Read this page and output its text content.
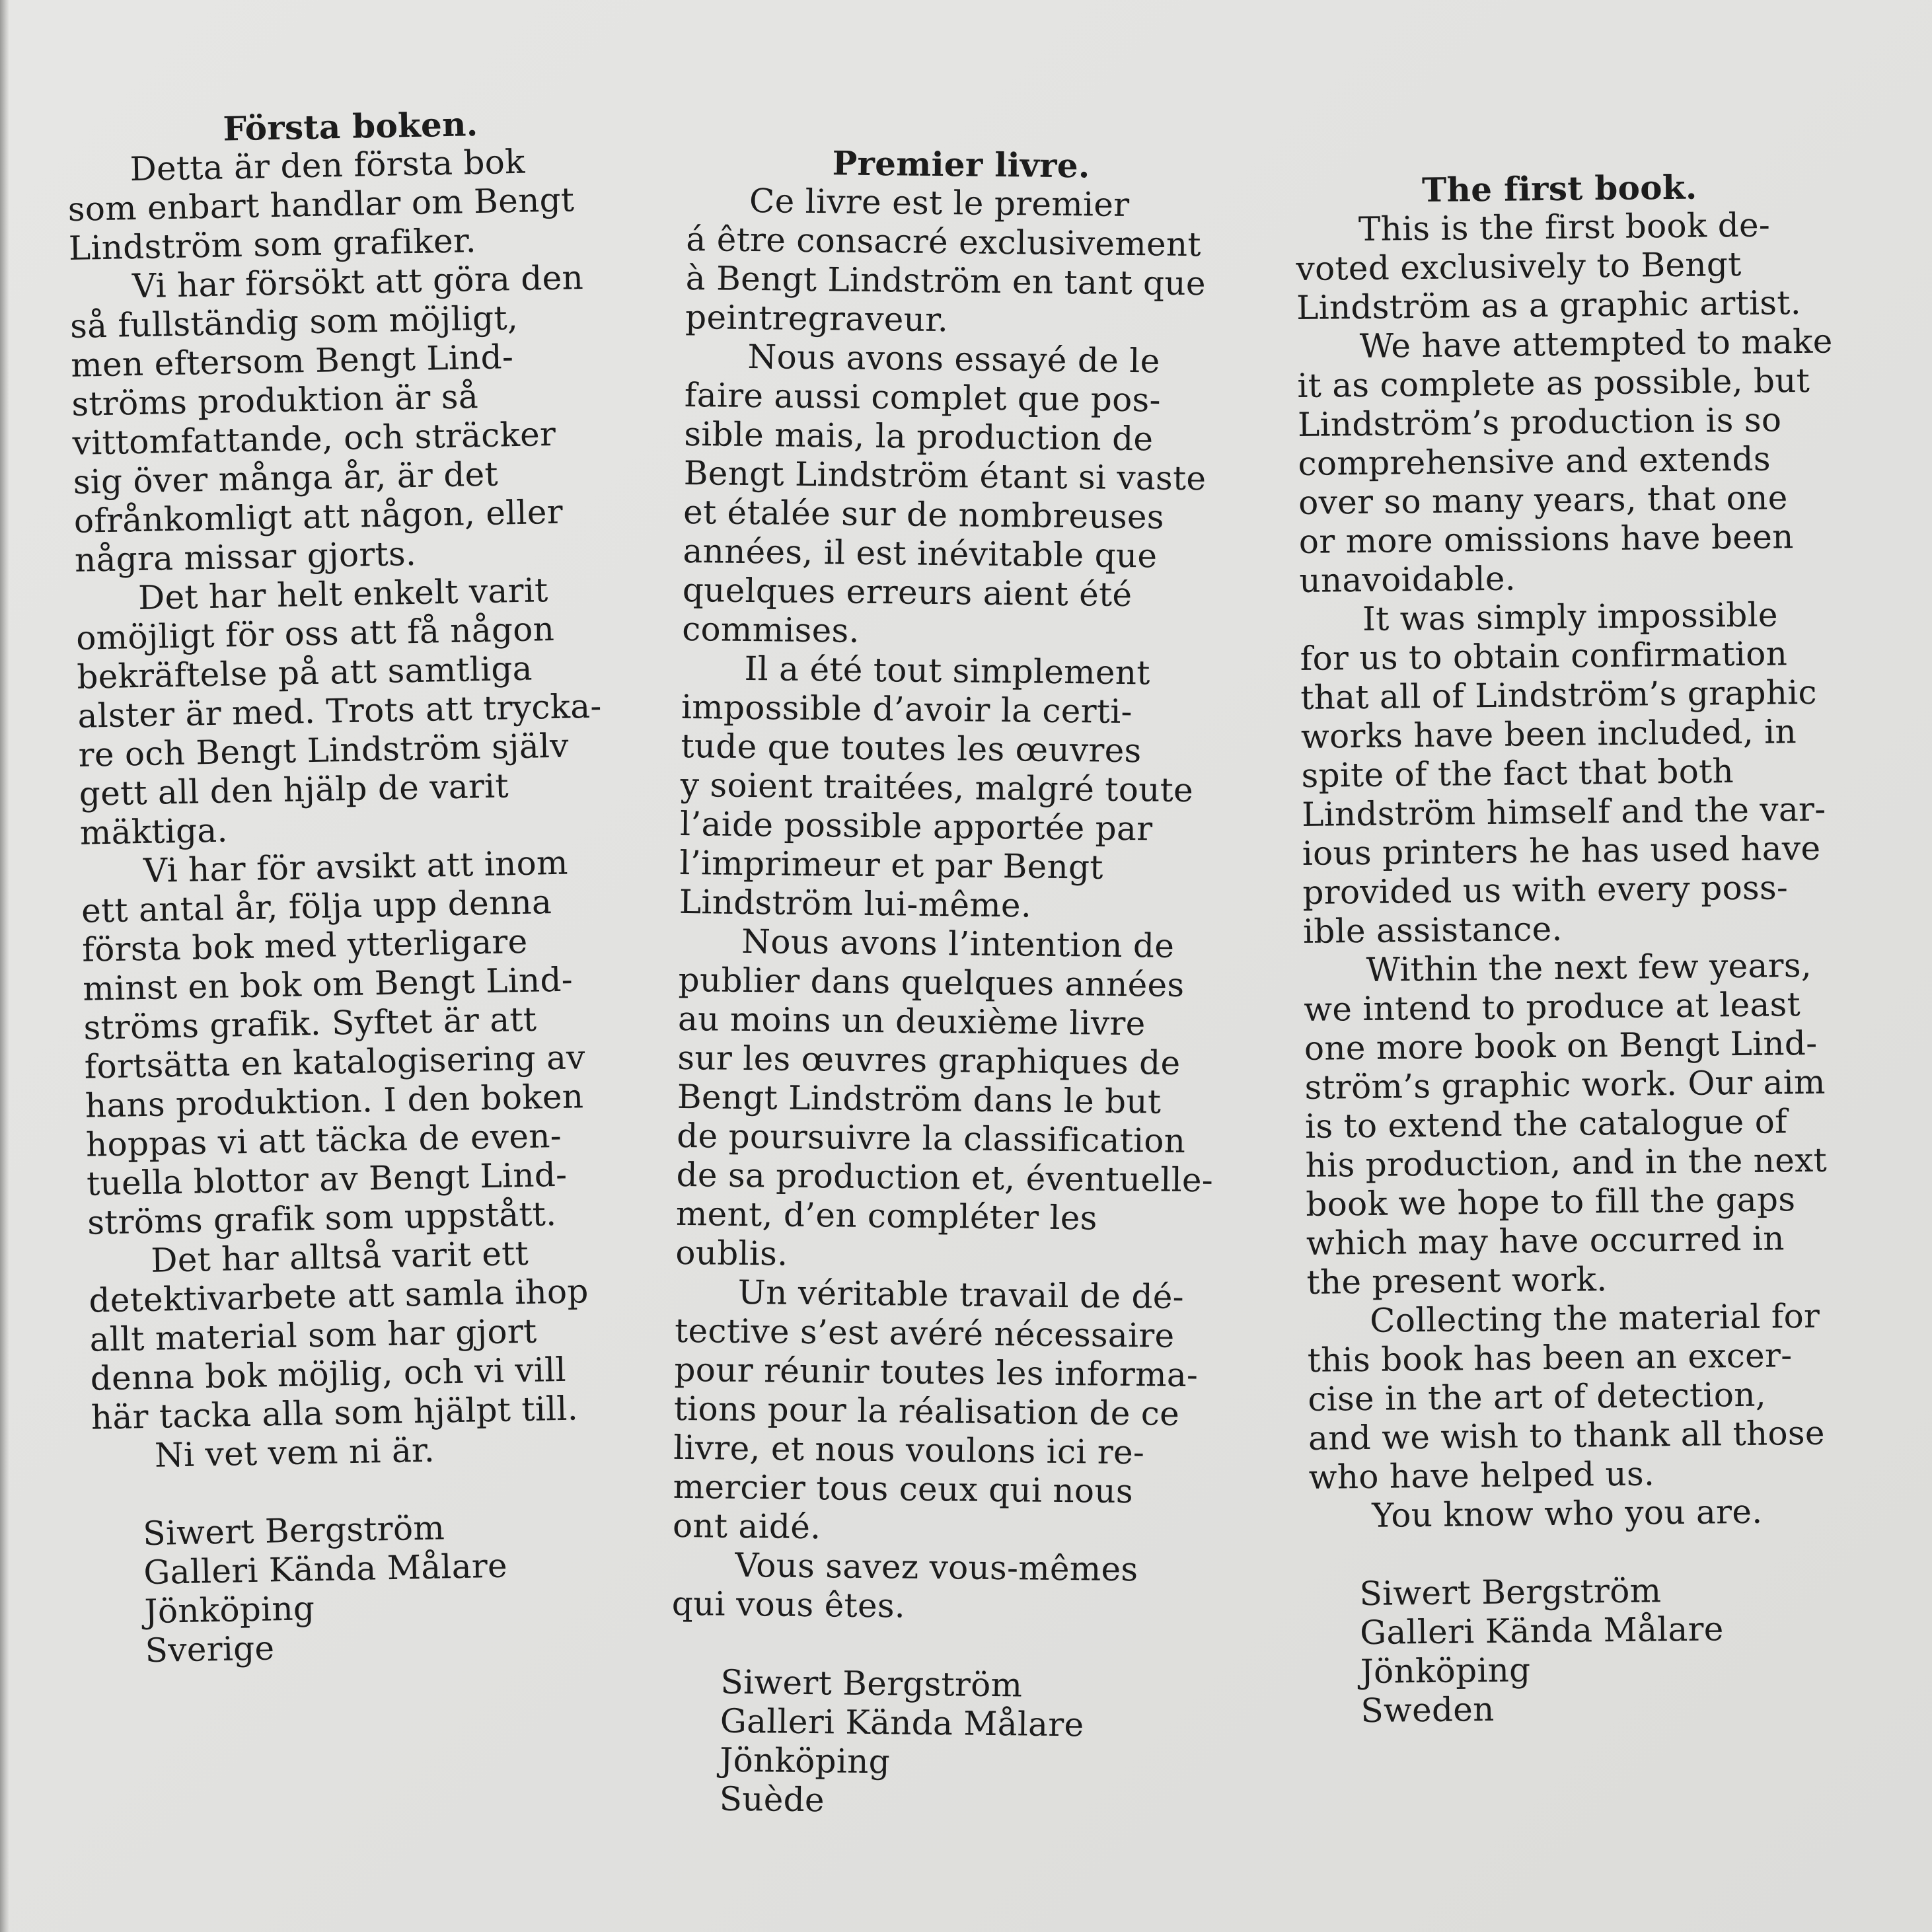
Första boken.

Detta är den första bok
som enbart handlar om Bengt
Lindström som grafiker.

Vi har försökt att göra den
så fullständig som möjligt,
men eftersom Bengt Lind-
ströms produktion är så
vittomfattande, och sträcker
sig över många år, är det
ofrånkomligt att någon, eller
några missar gjorts.

Det har helt enkelt varit
omöjligt för oss att få någon
bekräftelse på att samtliga
alster är med. Trots att trycka-
re och Bengt Lindström själv
gett all den hjälp de varit
mäktiga.

Vi har för avsikt att inom
ett antal år, följa upp denna
första bok med ytterligare
minst en bok om Bengt Lind-
ströms grafik. Syftet är att
fortsätta en katalogisering av
hans produktion. I den boken
hoppas vi att täcka de even-
tuella blottor av Bengt Lind-
ströms grafik som uppstått.

Det har alltså varit ett
detektivarbete att samla ihop
allt material som har gjort
denna bok möjlig, och vi vill
här tacka alla som hjälpt till.

Ni vet vem ni är.

Siwert Bergström
Galleri Kända Målare
Jönköping
Sverige

Premier livre.

Ce livre est le premier
á être consacré exclusivement
à Bengt Lindström en tant que
peintregraveur.

Nous avons essayé de le
faire aussi complet que pos-
sible mais, la production de
Bengt Lindström étant si vaste
et étalée sur de nombreuses
années, il est inévitable que
quelques erreurs aient été
commises.

Il a été tout simplement
impossible d’avoir la certi-
tude que toutes les œuvres
y soient traitées, malgré toute
l’aide possible apportée par
l’imprimeur et par Bengt
Lindström lui-même.

Nous avons l’intention de
publier dans quelques années
au moins un deuxième livre
sur les œuvres graphiques de
Bengt Lindström dans le but
de poursuivre la classification
de sa production et, éventuelle-
ment, d’en compléter les
oublis.

Un véritable travail de dé-
tective s’est avéré nécessaire
pour réunir toutes les informa-
tions pour la réalisation de ce
livre, et nous voulons ici re-
mercier tous ceux qui nous
ont aidé.

Vous savez vous-mêmes
qui vous êtes.

Siwert Bergström
Galleri Kända Målare
Jönköping
Suède

The first book.

This is the first book de-
voted exclusively to Bengt
Lindström as a graphic artist.

We have attempted to make
it as complete as possible, but
Lindström’s production is so
comprehensive and extends
over so many years, that one
or more omissions have been
unavoidable.

It was simply impossible
for us to obtain confirmation
that all of Lindström’s graphic
works have been included, in
spite of the fact that both
Lindström himself and the var-
ious printers he has used have
provided us with every poss-
ible assistance.

Within the next few years,
we intend to produce at least
one more book on Bengt Lind-
ström’s graphic work. Our aim
is to extend the catalogue of
his production, and in the next
book we hope to fill the gaps
which may have occurred in
the present work.

Collecting the material for
this book has been an excer-
cise in the art of detection,
and we wish to thank all those
who have helped us.

You know who you are.

Siwert Bergström
Galleri Kända Målare
Jönköping
Sweden
